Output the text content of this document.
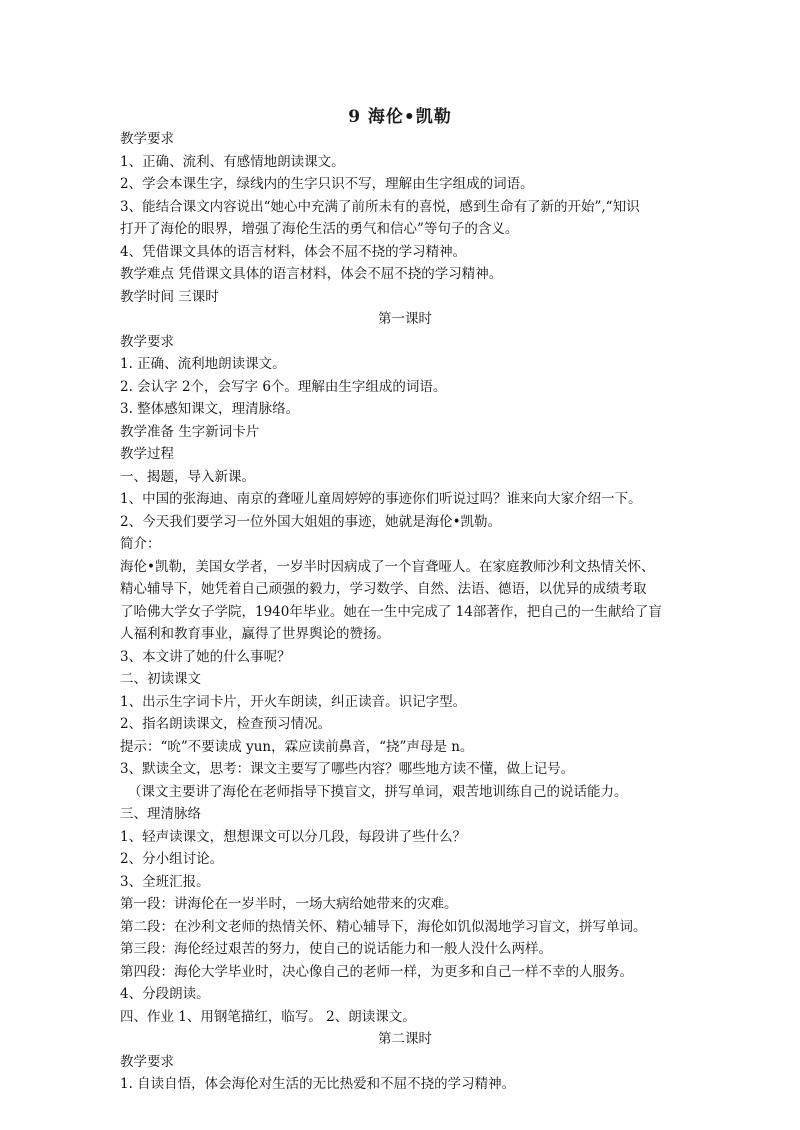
9 海伦•凯勒

教学要求

1、正确、流利、有感情地朗读课文。

2、学会本课生字，绿线内的生字只识不写，理解由生字组成的词语。

3、能结合课文内容说出“她心中充满了前所未有的喜悦，感到生命有了新的开始”,“知识

打开了海伦的眼界，增强了海伦生活的勇气和信心”等句子的含义。

4、凭借课文具体的语言材料，体会不屈不挠的学习精神。

教学难点 凭借课文具体的语言材料，体会不屈不挠的学习精神。

教学时间 三课时

第一课时

教学要求

1. 正确、流利地朗读课文。

2. 会认字 2个，会写字 6个。理解由生字组成的词语。

3. 整体感知课文，理清脉络。

教学准备 生字新词卡片

教学过程

一、揭题，导入新课。

1、中国的张海迪、南京的聋哑儿童周婷婷的事迹你们听说过吗？谁来向大家介绍一下。

2、今天我们要学习一位外国大姐姐的事迹，她就是海伦•凯勒。

简介：

海伦•凯勒，美国女学者，一岁半时因病成了一个盲聋哑人。在家庭教师沙利文热情关怀、

精心辅导下，她凭着自己顽强的毅力，学习数学、自然、法语、德语，以优异的成绩考取

了哈佛大学女子学院，1940年毕业。她在一生中完成了 14部著作，把自己的一生献给了盲

人福利和教育事业，赢得了世界舆论的赞扬。

3、本文讲了她的什么事呢？

二、初读课文

1、出示生字词卡片，开火车朗读，纠正读音。识记字型。

2、指名朗读课文，检查预习情况。

提示：“吮”不要读成 yun，霖应读前鼻音，“挠”声母是 n。

3、默读全文，思考：课文主要写了哪些内容？哪些地方读不懂，做上记号。

（课文主要讲了海伦在老师指导下摸盲文，拼写单词，艰苦地训练自己的说话能力。

三、理清脉络

1、轻声读课文，想想课文可以分几段，每段讲了些什么？

2、分小组讨论。

3、全班汇报。

第一段：讲海伦在一岁半时，一场大病给她带来的灾难。

第二段：在沙利文老师的热情关怀、精心辅导下，海伦如饥似渴地学习盲文，拼写单词。

第三段：海伦经过艰苦的努力，使自己的说话能力和一般人没什么两样。

第四段：海伦大学毕业时，决心像自己的老师一样，为更多和自己一样不幸的人服务。

4、分段朗读。

四、作业 1、用钢笔描红，临写。 2、朗读课文。

第二课时

教学要求

1. 自读自悟，体会海伦对生活的无比热爱和不屈不挠的学习精神。
